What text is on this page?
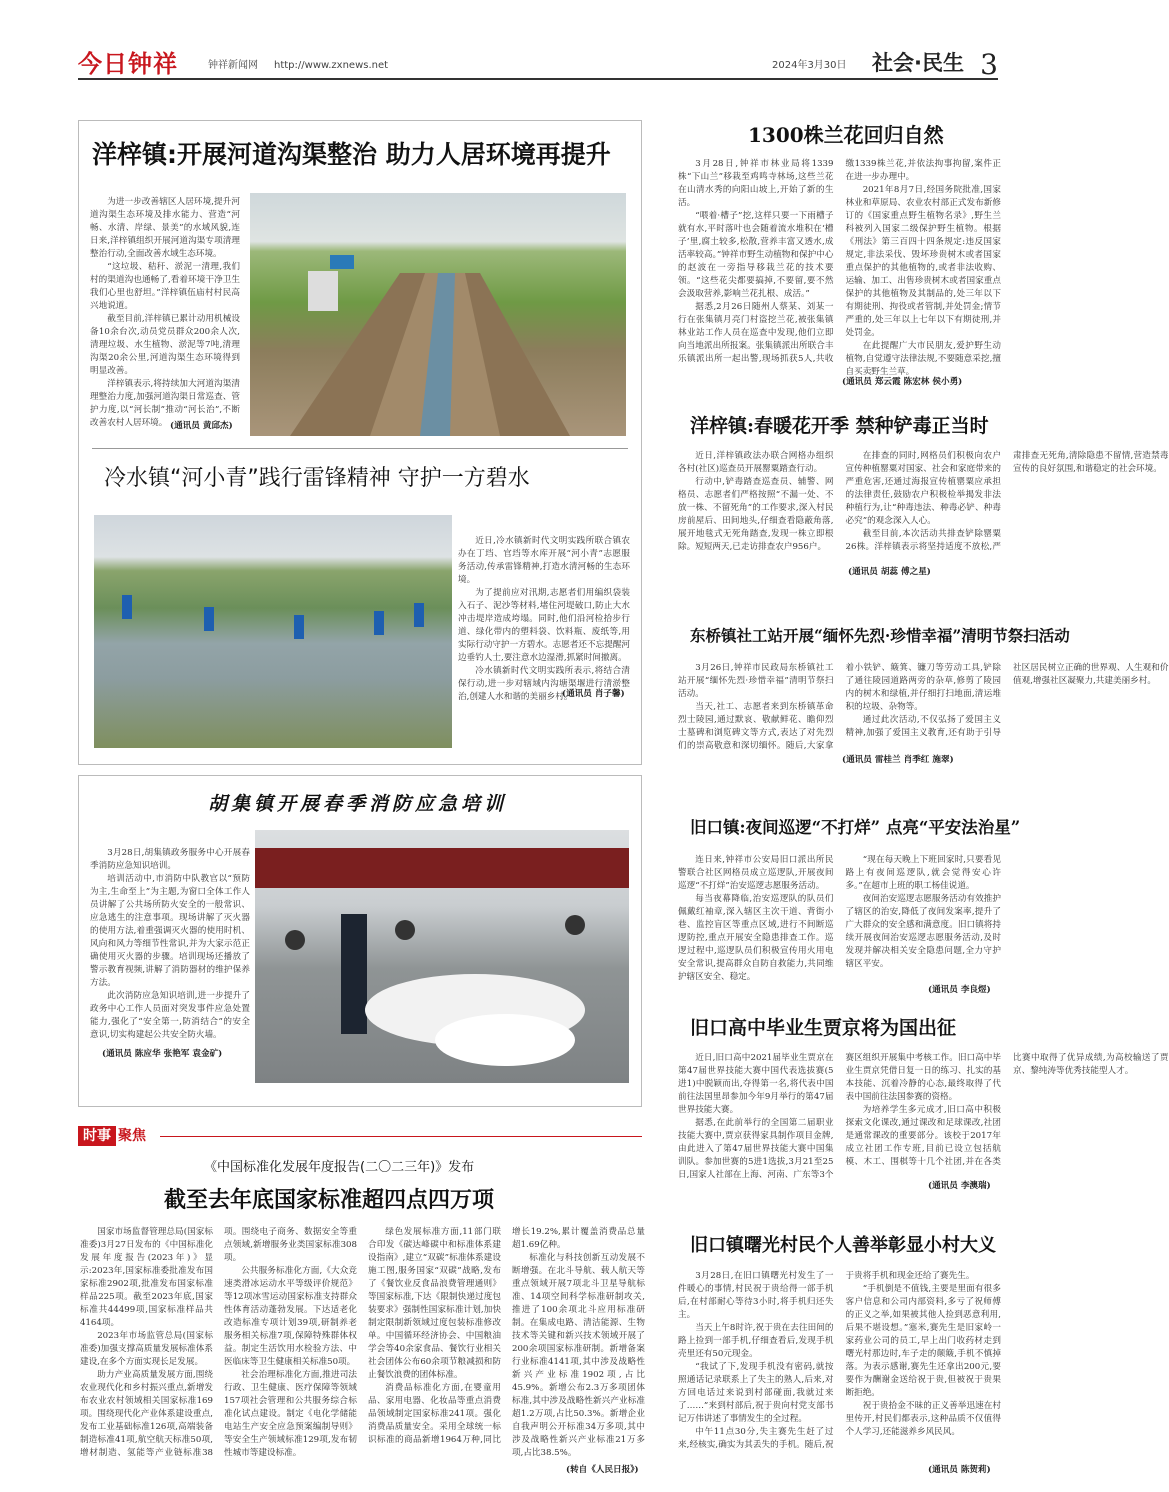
今日钟祥	钟祥新闻网 http://www.zxnews.net	2024年3月30日 社会·民生 3
洋梓镇:开展河道沟渠整治 助力人居环境再提升

为进一步改善辖区人居环境,提升河道沟渠生态环境及排水能力、营造“河畅、水清、岸绿、景美”的水域风貌,连日来,洋梓镇组织开展河道沟渠专项清理整治行动,全面改善水域生态环境。

“这垃圾、秸秆、淤泥一清理,我们村的渠道沟也通畅了,看着环境干净卫生我们心里也舒坦。”洋梓镇伍庙村村民高兴地说道。

截至目前,洋梓镇已累计动用机械设备10余台次,动员党员群众200余人次,清理垃圾、水生植物、淤泥等7吨,清理沟渠20余公里,河道沟渠生态环境得到明显改善。

洋梓镇表示,将持续加大河道沟渠清理整治力度,加强河道沟渠日常巡查、管护力度,以“河长制”推动“河长治”,不断改善农村人居环境。 (通讯员 黄邱杰)
冷水镇“河小青”践行雷锋精神 守护一方碧水

近日,冷水镇新时代文明实践所联合镇农办在丁垱、官垱等水库开展“河小青”志愿服务活动,传承雷锋精神,打造水清河畅的生态环境。

为了提前应对汛期,志愿者们用编织袋装入石子、泥沙等材料,堵住河堤破口,防止大水冲击堤岸造成垮塌。同时,他们沿河检拾步行道、绿化带内的塑料袋、饮料瓶、废纸等,用实际行动守护一方碧水。志愿者还不忘提醒河边垂钓人士,要注意水边湿滑,抓紧时间撤离。

冷水镇新时代文明实践所表示,将结合清保行动,进一步对辖域内沟塘渠堰进行清淤整治,创建人水和谐的美丽乡村。

(通讯员 肖子馨)
胡集镇开展春季消防应急培训

3月28日,胡集镇政务服务中心开展春季消防应急知识培训。

培训活动中,市消防中队教官以“预防为主,生命至上”为主题,为窗口全体工作人员讲解了公共场所防火安全的一般常识、应急逃生的注意事项。现场讲解了灭火器的使用方法,着重强调灭火器的使用时机、风向和风力等细节性常识,并为大家示范正确使用灭火器的步骤。培训现场还播放了警示教育视频,讲解了消防器材的维护保养方法。

此次消防应急知识培训,进一步提升了政务中心工作人员面对突发事件应急处置能力,强化了“安全第一,防消结合”的安全意识,切实构建起公共安全防火墙。

(通讯员 陈应华 张艳军 袁金矿)
时事 聚焦
《中国标准化发展年度报告(二〇二三年)》发布
截至去年底国家标准超四点四万项

国家市场监督管理总局(国家标准委)3月27日发布的《中国标准化发展年度报告(2023年)》显示:2023年,国家标准委批准发布国家标准2902项,批准发布国家标准样品225项。截至2023年底,国家标准共44499项,国家标准样品共4164项。

2023年市场监管总局(国家标准委)加强支撑高质量发展标准体系建设,在多个方面实现长足发展。

助力产业高质量发展方面,围绕农业现代化和乡村振兴重点,新增发布农业农村领域相关国家标准169项。围绕现代化产业体系建设重点,发布工业基础标准126项,高端装备制造标准41项,航空航天标准50项,增材制造、氢能等产业链标准38项。围绕电子商务、数据安全等重点领域,新增服务业类国家标准308项。

公共服务标准化方面,《大众竞速类滑冰运动水平等级评价规范》等12项冰雪运动国家标准支持群众性体育活动蓬勃发展。下达适老化改造标准专项计划39项,研制养老服务相关标准7项,保障特殊群体权益。制定生活饮用水检验方法、中医临床等卫生健康相关标准50项。

社会治理标准化方面,推进司法行政、卫生健康、医疗保障等领域157项社会管理和公共服务综合标准化试点建设。制定《电化学储能电站生产安全应急预案编制导则》等安全生产领域标准129项,发布韧性城市等建设标准。

绿色发展标准方面,11部门联合印发《碳达峰碳中和标准体系建设指南》,建立“双碳”标准体系建设施工图,服务国家“双碳”战略,发布了《餐饮业反食品浪费管理通则》等国家标准,下达《限制快递过度包装要求》强制性国家标准计划,加快制定限制新领域过度包装标准修改单。中国循环经济协会、中国粮油学会等40余家食品、餐饮行业相关社会团体公布60余项节粮减损和防止餐饮浪费的团体标准。

消费品标准化方面,在婴童用品、家用电器、化妆品等重点消费品领域制定国家标准241项。强化消费品质量安全。采用全球统一标识标准的商品新增1964万种,同比增长19.2%,累计覆盖消费品总量超1.69亿种。

标准化与科技创新互动发展不断增强。在北斗导航、载人航天等重点领域开展7项北斗卫星导航标准、14项空间科学标准研制攻关,推进了100余项北斗应用标准研制。在集成电路、清洁能源、生物技术等关键和新兴技术领域开展了200余项国家标准研制。新增备案行业标准4141项,其中涉及战略性新兴产业标准1902项,占比45.9%。新增公布2.3万多项团体标准,其中涉及战略性新兴产业标准超1.2万项,占比50.3%。新增企业自我声明公开标准34万多项,其中涉及战略性新兴产业标准21万多项,占比38.5%。

(转自《人民日报》)
1300株兰花回归自然

3月28日,钟祥市林业局将1339株“下山兰”移栽至鸡鸣寺林场,这些兰花在山清水秀的向阳山坡上,开始了新的生活。

“喂着·槽子”挖,这样只要一下雨槽子就有水,平时落叶也会随着流水堆积在‘槽子’里,腐土较多,松散,营养丰富又透水,成活率较高。”钟祥市野生动植物和保护中心的赵波在一旁指导移栽兰花的技术要领。“这些花尖都要搞掉,不要留,要不然会汲取营养,影响兰花扎根、成活。”

据悉,2月26日随州人蔡某、刘某一行在张集镇月亮门村盗挖兰花,被张集镇林业站工作人员在巡查中发现,他们立即向当地派出所报案。张集镇派出所联合丰乐镇派出所一起出警,现场抓获5人,共收缴1339株兰花,并依法拘事拘留,案件正在进一步办理中。

2021年8月7日,经国务院批准,国家林业和草原局、农业农村部正式发布新修订的《国家重点野生植物名录》,野生兰科被列入国家二级保护野生植物。根据《刑法》第三百四十四条规定:违反国家规定,非法采伐、毁坏珍贵树木或者国家重点保护的其他植物的,或者非法收购、运输、加工、出售珍贵树木或者国家重点保护的其他植物及其制品的,处三年以下有期徒刑、拘役或者管制,并处罚金;情节严重的,处三年以上七年以下有期徒刑,并处罚金。

在此提醒广大市民朋友,爱护野生动植物,自觉遵守法律法规,不要随意采挖,擅自买卖野生兰草。

(通讯员 郑云霞 陈宏林 侯小勇)
洋梓镇:春暖花开季 禁种铲毒正当时

近日,洋梓镇政法办联合网格办组织各村(社区)巡查员开展罂粟踏查行动。

行动中,铲毒踏查巡查员、辅警、网格员、志愿者们严格按照“不漏一处、不放一株、不留死角”的工作要求,深入村民房前屋后、田间地头,仔细查看隐蔽角落,展开地毯式无死角踏查,发现一株立即根除。短短两天,已走访排查农户956户。

在排查的同时,网格员们积极向农户宣传种植罂粟对国家、社会和家庭带来的严重危害,还通过海报宣传植罂粟应承担的法律责任,鼓励农户积极检举揭发非法种植行为,让“种毒违法、种毒必铲、种毒必究”的观念深入人心。

截至目前,本次活动共排查铲除罂粟26株。洋梓镇表示将坚持适度不放松,严肃排查无死角,清除隐患不留情,营造禁毒宣传的良好氛围,和谐稳定的社会环境。

(通讯员 胡蕊 傅之星)
东桥镇社工站开展“缅怀先烈·珍惜幸福”清明节祭扫活动

3月26日,钟祥市民政局东桥镇社工站开展“缅怀先烈·珍惜幸福”清明节祭扫活动。

当天,社工、志愿者来到东桥镇革命烈士陵园,通过默哀、敬献鲜花、瞻仰烈士墓碑和浏览碑文等方式,表达了对先烈们的崇高敬意和深切缅怀。随后,大家拿着小铁铲、簸箕、镰刀等劳动工具,铲除了通往陵园道路两旁的杂草,修剪了陵园内的树木和绿植,并仔细打扫地面,清运堆积的垃圾、杂物等。

通过此次活动,不仅弘扬了爱国主义精神,加强了爱国主义教育,还有助于引导社区居民树立正确的世界观、人生观和价值观,增强社区凝聚力,共建美丽乡村。

(通讯员 雷桂兰 肖季红 施翠)
旧口镇:夜间巡逻“不打烊” 点亮“平安法治星”

连日来,钟祥市公安局旧口派出所民警联合社区网格员成立巡逻队,开展夜间巡逻“不打烊”治安巡逻志愿服务活动。

每当夜幕降临,治安巡逻队的队员们佩戴红袖章,深入辖区主次干道、背街小巷、监控盲区等重点区域,进行不间断巡逻防控,重点开展安全隐患排查工作。巡逻过程中,巡逻队员们积极宣传用火用电安全常识,提高群众自防自救能力,共同维护辖区安全、稳定。

“现在每天晚上下班回家时,只要看见路上有夜间巡逻队,就会觉得安心许多。”在超市上班的职工杨佳说道。

夜间治安巡逻志愿服务活动有效推护了辖区的治安,降低了夜间发案率,提升了广大群众的安全感和满意度。旧口镇将持续开展夜间治安巡逻志愿服务活动,及时发现并解决相关安全隐患问题,全力守护辖区平安。

(通讯员 李良煜)
旧口高中毕业生贾京将为国出征

近日,旧口高中2021届毕业生贾京在第47届世界技能大赛中国代表选拔赛(5进1)中脱颖而出,夺得第一名,将代表中国前往法国里昂参加今年9月举行的第47届世界技能大赛。

据悉,在此前举行的全国第二届职业技能大赛中,贾京获得家具制作项目金牌,由此进入了第47届世界技能大赛中国集训队。参加世赛的5进1选拔,3月21至25日,国家人社部在上海、河南、广东等3个赛区组织开展集中考核工作。旧口高中毕业生贾京凭借日复一日的练习、扎实的基本技能、沉着冷静的心态,最终取得了代表中国前往法国参赛的资格。

为培养学生多元成才,旧口高中积极探索文化课改,通过课改和足球课改,社团是通常课改的重要部分。该校于2017年成立社团工作专班,目前已设立包括航模、木工、围棋等十几个社团,并在各类比赛中取得了优异成绩,为高校输送了贾京、黎纯涛等优秀技能型人才。

(通讯员 李澳瑞)
旧口镇曙光村民个人善举彰显小村大义

3月28日,在旧口镇曙光村发生了一件暖心的事情,村民祝于贵给得一部手机后,在村部耐心等待3小时,将手机归还失主。

当天上午8时许,祝于贵在去往田间的路上捡到一部手机,仔细查看后,发现手机壳里还有50元现金。

“我试了下,发现手机没有密码,就按照通话记录联系上了失主的熟人,后来,对方回电话过来说到村部碰面,我就过来了……”来到村部后,祝于贵向村党支部书记万伟讲述了事情发生的全过程。

中午11点30分,失主赛先生赶了过来,经核实,确实为其丢失的手机。随后,祝于贵将手机和现金还给了赛先生。

“手机倒是不值钱,主要是里面有很多客户信息和公司内部资料,多亏了祝师傅的正义之举,如果被其他人捡到恶意利用,后果不堪设想。”塞米,赛先生是旧家岭一家药业公司的员工,早上出门收药材走到曙光村那边时,车子走的颠簸,手机不慎掉落。为表示感谢,赛先生还拿出200元,要要作为酬谢金送给祝于贵,但被祝于贵果断拒绝。

祝于贵拾金不昧的正义善举迅速在村里传开,村民们都表示,这种品质不仅值得个人学习,还能滋养乡风民风。

(通讯员 陈贺莉)
